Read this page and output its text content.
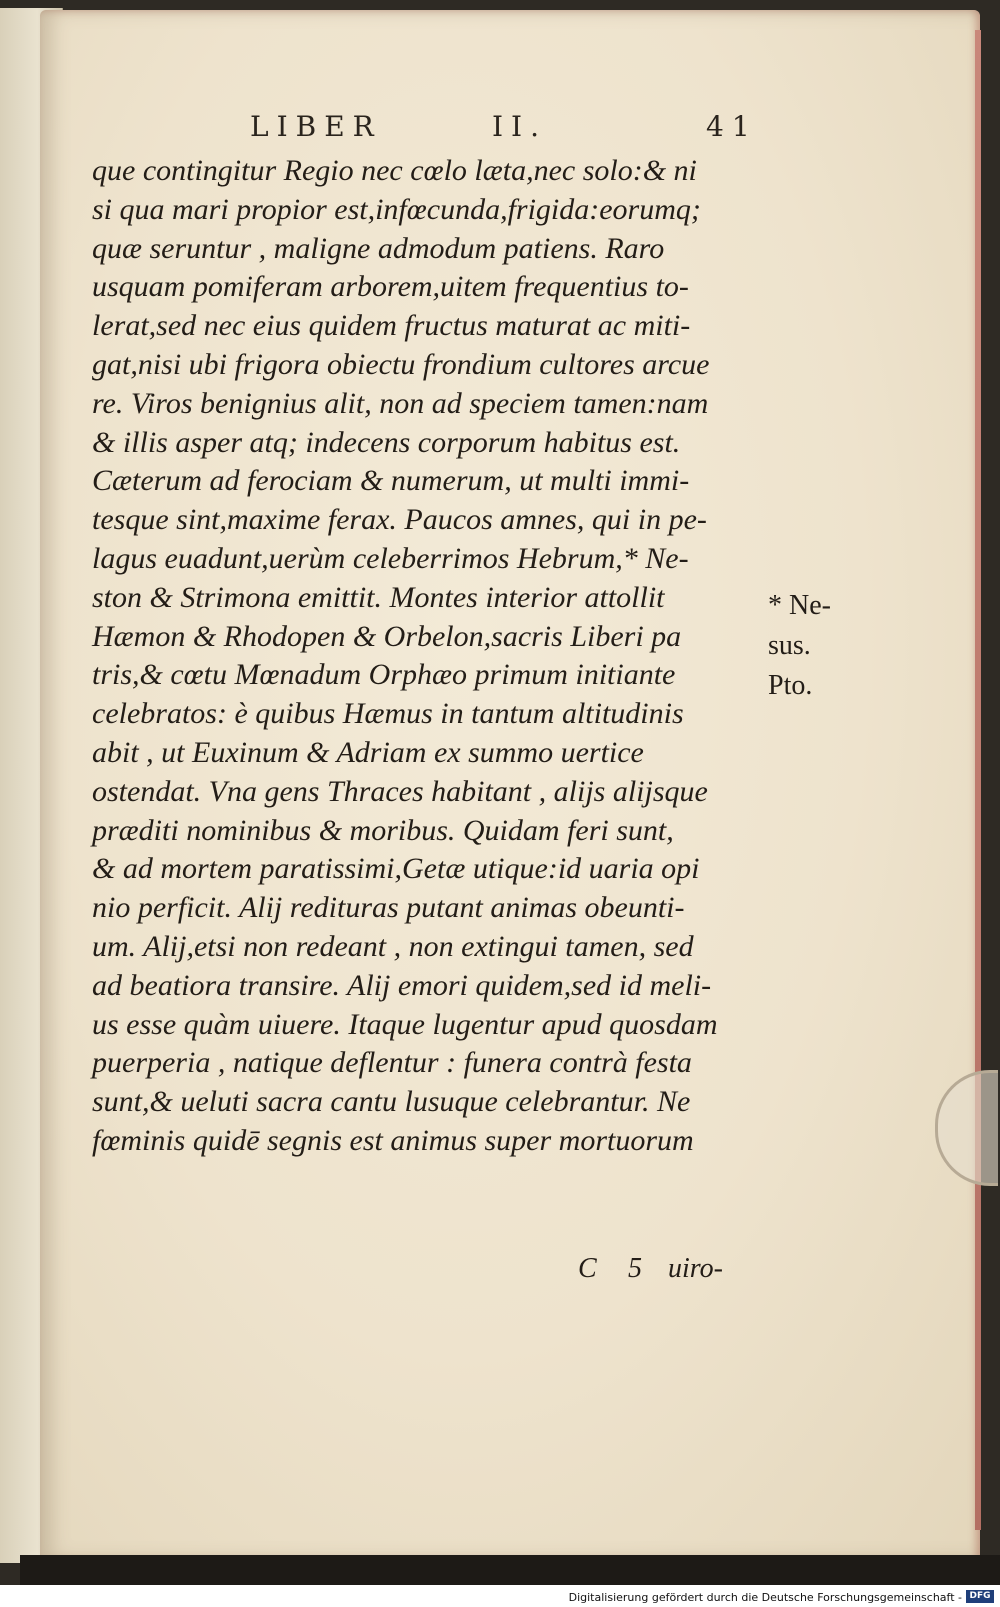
LIBER	II.	41
que contingitur Regio nec cœlo læta,nec solo:& ni
si qua mari propior est,infœcunda,frigida:eorumq;
quæ seruntur , maligne admodum patiens. Raro
usquam pomiferam arborem,uitem frequentius to-
lerat,sed nec eius quidem fructus maturat ac miti-
gat,nisi ubi frigora obiectu frondium cultores arcue
re. Viros benignius alit, non ad speciem tamen:nam
& illis asper atq; indecens corporum habitus est.
Cæterum ad ferociam & numerum, ut multi immi-
tesque sint,maxime ferax. Paucos amnes, qui in pe-
lagus euadunt,uerùm celeberrimos Hebrum,* Ne-
ston & Strimona emittit. Montes interior attollit
Hæmon & Rhodopen & Orbelon,sacris Liberi pa
tris,& cœtu Mœnadum Orphæo primum initiante
celebratos: è quibus Hæmus in tantum altitudinis
abit , ut Euxinum & Adriam ex summo uertice
ostendat. Vna gens Thraces habitant , alijs alijsque
præditi nominibus & moribus. Quidam feri sunt,
& ad mortem paratissimi,Getæ utique:id uaria opi
nio perficit. Alij redituras putant animas obeunti-
um. Alij,etsi non redeant , non extingui tamen, sed
ad beatiora transire. Alij emori quidem,sed id meli-
us esse quàm uiuere. Itaque lugentur apud quosdam
puerperia , natique deflentur : funera contrà festa
sunt,& ueluti sacra cantu lusuque celebrantur. Ne
fœminis quidē segnis est animus super mortuorum
* Ne-
sus.
Pto.
C 5 uiro-
Digitalisierung gefördert durch die Deutsche Forschungsgemeinschaft - DFG
